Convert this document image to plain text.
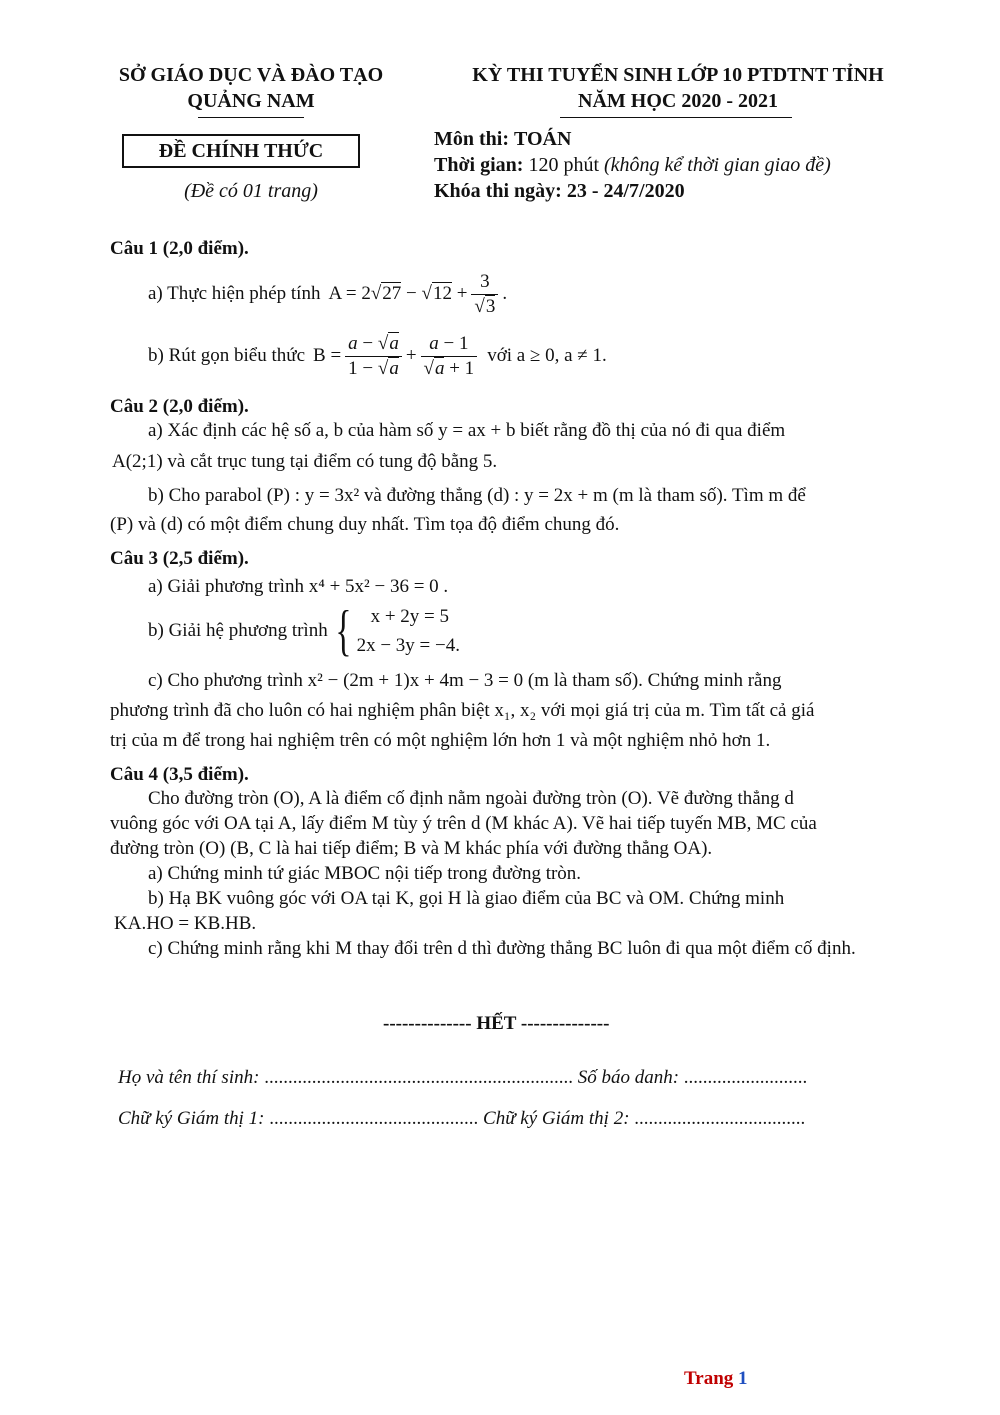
SỞ GIÁO DỤC VÀ ĐÀO TẠO
QUẢNG NAM
ĐỀ CHÍNH THỨC
(Đề có 01 trang)
KỲ THI TUYỂN SINH LỚP 10 PTDTNT TỈNH
NĂM HỌC 2020 - 2021
Môn thi: TOÁN
Thời gian: 120 phút (không kể thời gian giao đề)
Khóa thi ngày: 23 - 24/7/2020
Câu 1 (2,0 điểm).
a) Thực hiện phép tính $A = 2√27 - √12 + \frac{3}{√3}$ .
b) Rút gọn biểu thức $B = \frac{a - √a}{1 - √a} + \frac{a - 1}{√a + 1}$ với a ≥ 0, a ≠ 1.
Câu 2 (2,0 điểm).
a) Xác định các hệ số a, b của hàm số y = ax + b biết rằng đồ thị của nó đi qua điểm
A(2;1) và cắt trục tung tại điểm có tung độ bằng 5.
b) Cho parabol (P) : y = 3x² và đường thẳng (d) : y = 2x + m (m là tham số). Tìm m để
(P) và (d) có một điểm chung duy nhất. Tìm tọa độ điểm chung đó.
Câu 3 (2,5 điểm).
a) Giải phương trình x⁴ + 5x² − 36 = 0 .
b) Giải hệ phương trình {	x + 2y = 5
2x − 3y = −4.
c) Cho phương trình x² − (2m + 1)x + 4m − 3 = 0 (m là tham số). Chứng minh rằng
phương trình đã cho luôn có hai nghiệm phân biệt x₁, x₂ với mọi giá trị của m. Tìm tất cả giá
trị của m để trong hai nghiệm trên có một nghiệm lớn hơn 1 và một nghiệm nhỏ hơn 1.
Câu 4 (3,5 điểm).
Cho đường tròn (O), A là điểm cố định nằm ngoài đường tròn (O). Vẽ đường thẳng d
vuông góc với OA tại A, lấy điểm M tùy ý trên d (M khác A). Vẽ hai tiếp tuyến MB, MC của
đường tròn (O) (B, C là hai tiếp điểm; B và M khác phía với đường thẳng OA).
a) Chứng minh tứ giác MBOC nội tiếp trong đường tròn.
b) Hạ BK vuông góc với OA tại K, gọi H là giao điểm của BC và OM. Chứng minh
KA.HO = KB.HB.
c) Chứng minh rằng khi M thay đổi trên d thì đường thẳng BC luôn đi qua một điểm cố định.
-------------- HẾT --------------
Họ và tên thí sinh: ................................................................. Số báo danh: ..........................
Chữ ký Giám thị 1: ............................................ Chữ ký Giám thị 2: ....................................
Trang 1
